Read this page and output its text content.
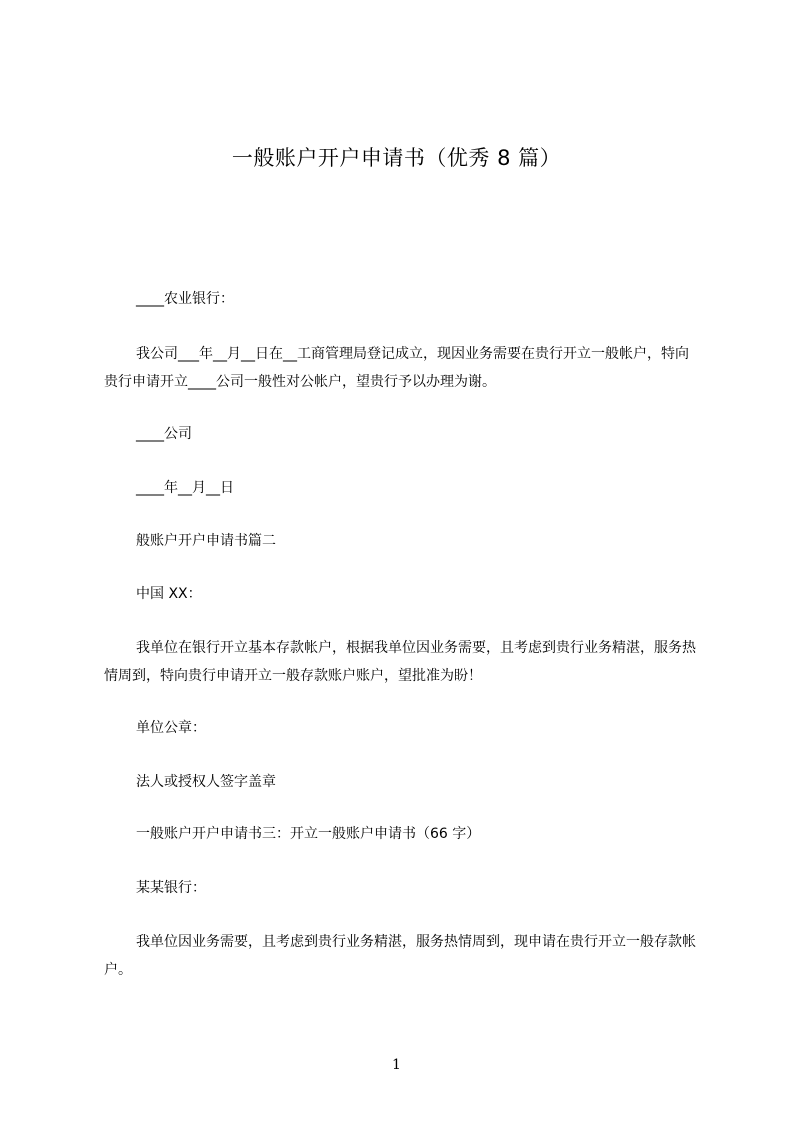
一般账户开户申请书（优秀 8 篇）

____农业银行：

我公司___年__月__日在__工商管理局登记成立，现因业务需要在贵行开立一般帐户，特向贵行申请开立____公司一般性对公帐户，望贵行予以办理为谢。

____公司

____年__月__日

般账户开户申请书篇二

中国 XX：

我单位在银行开立基本存款帐户，根据我单位因业务需要，且考虑到贵行业务精湛，服务热情周到，特向贵行申请开立一般存款账户账户，望批准为盼！

单位公章：

法人或授权人签字盖章

一般账户开户申请书三：开立一般账户申请书（66 字）

某某银行：

我单位因业务需要，且考虑到贵行业务精湛，服务热情周到，现申请在贵行开立一般存款帐户。

1
